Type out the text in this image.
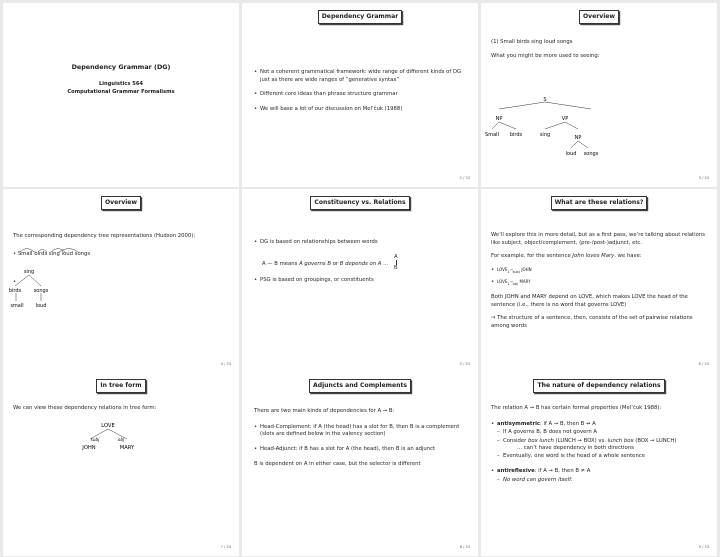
Dependency Grammar (DG)
Linguistics 564
Computational Grammar Formalisms
Dependency Grammar
• Not a coherent grammatical framework: wide range of different kinds of DG
just as there are wide ranges of “generative syntax”
• Different core ideas than phrase structure grammar
• We will base a lot of our discussion on Mel’čuk (1988)
2 / 33
Overview
(1) Small birds sing loud songs
What you might be more used to seeing:
S
NP	VP
Small birds	sing	NP
loud songs
3 / 33
Overview
The corresponding dependency tree representations (Hudson 2000):
sing
birds	songs
small loud
• Small birds sing loud songs
•
4 / 33
Constituency vs. Relations
• DG is based on relationships between words
A — B means A governs B or B depends on A ...
A
B
• PSG is based on groupings, or constituents
5 / 33
What are these relations?

We’ll explore this in more detail, but as a first pass, we’re talking about relations like subject, object/complement, (pre-/post-)adjunct, etc.

For example, for the sentence John loves Mary, we have:

• $LOVE_1\to_{subj}$ JOHN
• $LOVE_1\to_{obj}$ MARY

Both JOHN and MARY depend on LOVE, which makes LOVE the head of the sentence (i.e., there is no word that governs LOVE)

⇒ The structure of a sentence, then, consists of the set of pairwise relations among words

6 / 33
In tree form
We can view these dependency relations in tree form:
LOVE
subj	obj
JOHN	MARY
7 / 33
Adjuncts and Complements

There are two main kinds of dependencies for A → B:

• Head-Complement: if A (the head) has a slot for B, then B is a complement
(slots are defined below in the valency section)
• Head-Adjunct: if B has a slot for A (the head), then B is an adjunct

B is dependent on A in either case, but the selector is different

8 / 33
The nature of dependency relations

The relation A → B has certain formal properties (Mel’čuk 1988):

• antisymmetric: if A → B, then B ↛ A
– If A governs B, B does not govern A
– Consider box lunch (LUNCH → BOX) vs. lunch box (BOX → LUNCH)
... can’t have dependency in both directions
– Eventually, one word is the head of a whole sentence
• antireflexive: if A → B, then B ≠ A
– No word can govern itself.
9 / 33
